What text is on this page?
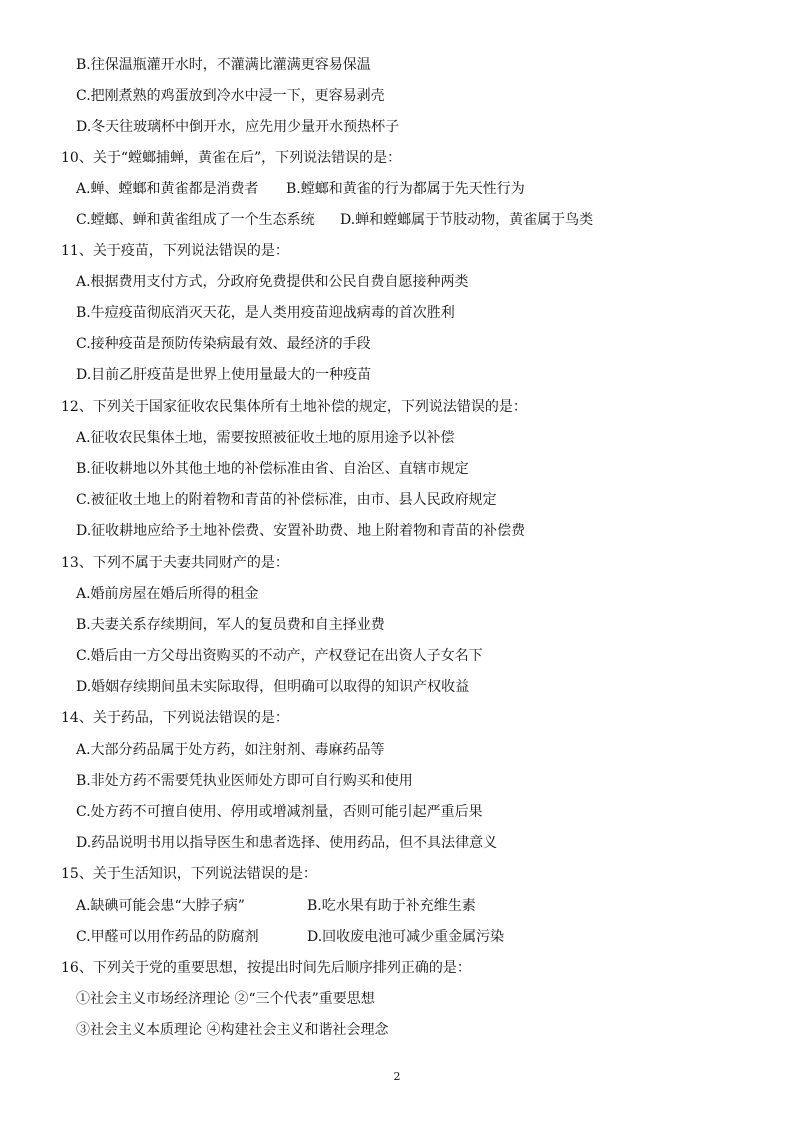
B.往保温瓶灌开水时，不灌满比灌满更容易保温
C.把刚煮熟的鸡蛋放到冷水中浸一下，更容易剥壳
D.冬天往玻璃杯中倒开水，应先用少量开水预热杯子
10、关于“螳螂捕蝉，黄雀在后”，下列说法错误的是：
A.蝉、螳螂和黄雀都是消费者 B.螳螂和黄雀的行为都属于先天性行为
C.螳螂、蝉和黄雀组成了一个生态系统 D.蝉和螳螂属于节肢动物，黄雀属于鸟类
11、关于疫苗，下列说法错误的是：
A.根据费用支付方式，分政府免费提供和公民自费自愿接种两类
B.牛痘疫苗彻底消灭天花，是人类用疫苗迎战病毒的首次胜利
C.接种疫苗是预防传染病最有效、最经济的手段
D.目前乙肝疫苗是世界上使用量最大的一种疫苗
12、下列关于国家征收农民集体所有土地补偿的规定，下列说法错误的是：
A.征收农民集体土地，需要按照被征收土地的原用途予以补偿
B.征收耕地以外其他土地的补偿标准由省、自治区、直辖市规定
C.被征收土地上的附着物和青苗的补偿标准，由市、县人民政府规定
D.征收耕地应给予土地补偿费、安置补助费、地上附着物和青苗的补偿费
13、下列不属于夫妻共同财产的是：
A.婚前房屋在婚后所得的租金
B.夫妻关系存续期间，军人的复员费和自主择业费
C.婚后由一方父母出资购买的不动产，产权登记在出资人子女名下
D.婚姻存续期间虽未实际取得，但明确可以取得的知识产权收益
14、关于药品，下列说法错误的是：
A.大部分药品属于处方药，如注射剂、毒麻药品等
B.非处方药不需要凭执业医师处方即可自行购买和使用
C.处方药不可擅自使用、停用或增减剂量，否则可能引起严重后果
D.药品说明书用以指导医生和患者选择、使用药品，但不具法律意义
15、关于生活知识，下列说法错误的是：
A.缺碘可能会患“大脖子病”	B.吃水果有助于补充维生素
C.甲醛可以用作药品的防腐剂	D.回收废电池可减少重金属污染
16、下列关于党的重要思想，按提出时间先后顺序排列正确的是：
①社会主义市场经济理论 ②“三个代表”重要思想
③社会主义本质理论 ④构建社会主义和谐社会理念
2
